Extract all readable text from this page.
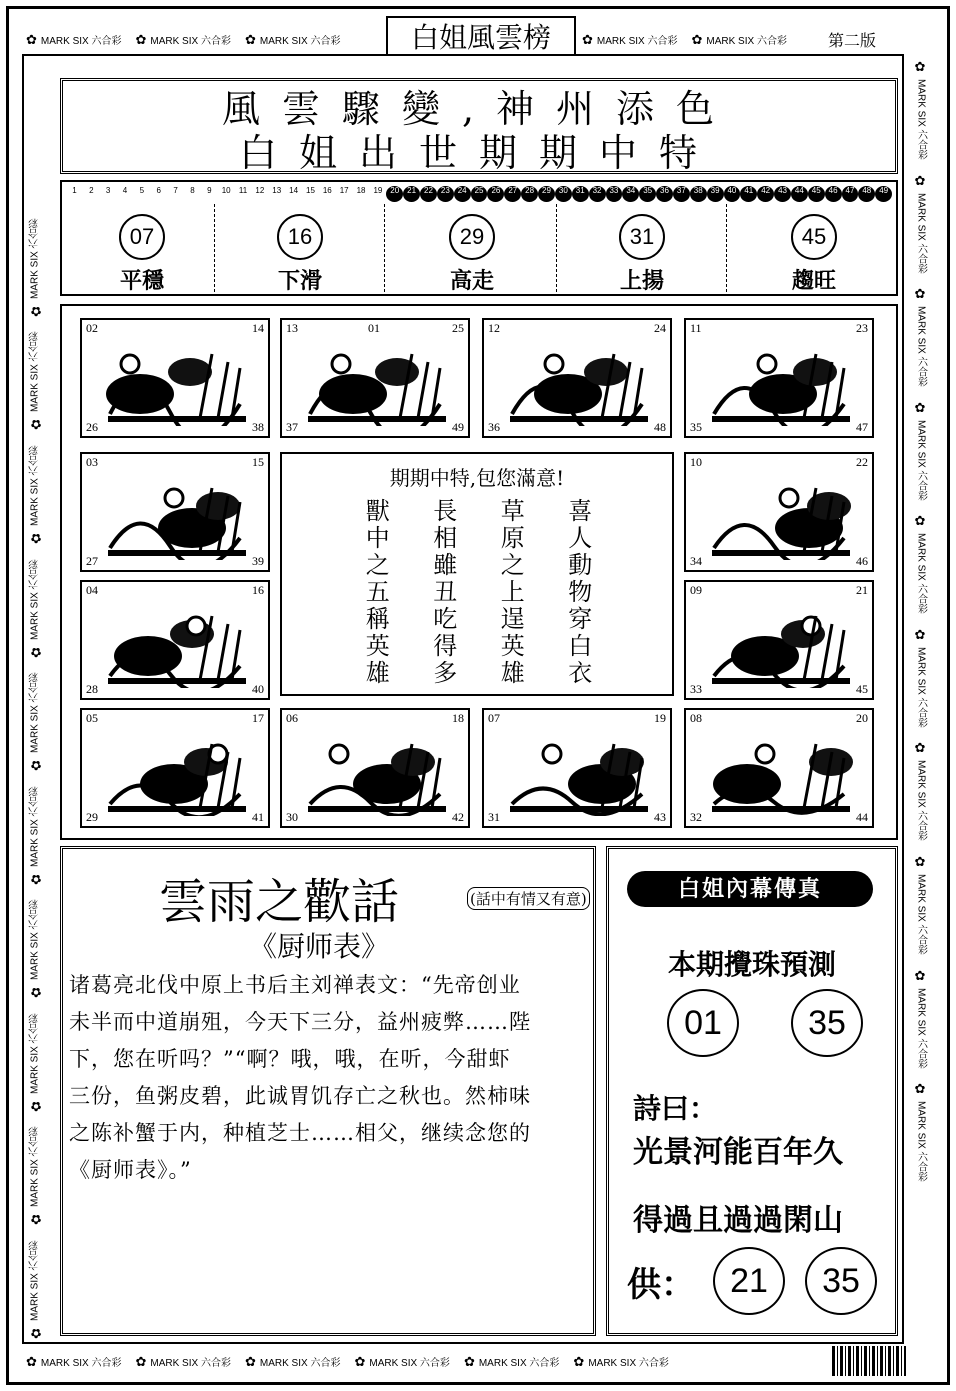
✿ MARK SIX 六合彩 ✿ MARK SIX 六合彩 ✿ MARK SIX 六合彩	✿ MARK SIX 六合彩 ✿ MARK SIX 六合彩
✿ MARK SIX 六合彩 ✿ MARK SIX 六合彩 ✿ MARK SIX 六合彩 ✿ MARK SIX 六合彩 ✿ MARK SIX 六合彩 ✿ MARK SIX 六合彩
✿
MARK SIX 六合彩
✿
MARK SIX 六合彩
✿
MARK SIX 六合彩
✿
MARK SIX 六合彩
✿
MARK SIX 六合彩
✿
MARK SIX 六合彩
✿
MARK SIX 六合彩
✿
MARK SIX 六合彩
✿
MARK SIX 六合彩
✿
MARK SIX 六合彩
✿
MARK SIX 六合彩
✿
MARK SIX 六合彩
✿
MARK SIX 六合彩
✿
MARK SIX 六合彩
✿
MARK SIX 六合彩
✿
MARK SIX 六合彩
✿
MARK SIX 六合彩
✿
MARK SIX 六合彩
✿
MARK SIX 六合彩
✿
MARK SIX 六合彩
白姐風雲榜	第二版
風雲驟變,神州添色
白姐出世期期中特
1	2	3	4	5	6	7	8	9	10	11	12 13 14 15 16 17 18 19 20 21 22 23 24 25 26 27 28 29 30 31 32 33 34 35 36 37 38 39 40 41 42 43 44 45 46 47 48 49
07
平穩
16
下滑
29
高走
31
上揚
45
趨旺
02	14
26	38
13	25
37	49
01	12	24
36	48
11	23
35	47
03	15
27	39
10	22
34	46
04	16
28	40
09	21
33	45
05	17
29	41
06	18
30	42
07	19
31	43
08	20
32	44
期期中特,包您滿意!
獸	長	草	喜
中	相	原	人
之	雖	之	動
五	丑	上	物
稱	吃	逞	穿
英	得	英	白
雄	多	雄	衣
雲雨之歡話	(話中有情又有意)
《厨师表》
诸葛亮北伐中原上书后主刘禅表文：“先帝创业
未半而中道崩殂，今天下三分，益州疲弊……陛
下，您在听吗？”“啊？哦，哦，在听，今甜虾
三份，鱼粥皮碧，此诚胃饥存亡之秋也。然柿味
之陈补蟹于内，种植芝士……相父，继续念您的
《厨师表》。”
白姐內幕傳真
本期攪珠預測
01	35
詩曰：
光景河能百年久
得過且過過閑山
供：	21	35
